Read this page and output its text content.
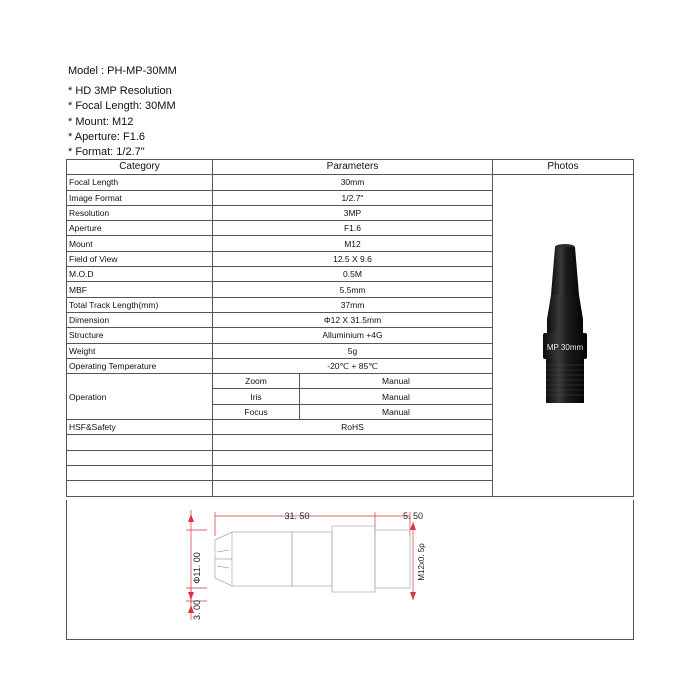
Model : PH-MP-30MM
* HD 3MP Resolution
* Focal Length: 30MM
* Mount: M12
* Aperture: F1.6
* Format: 1/2.7"
Category	Parameters		Photos
Focal Length	30mm		MP 30mm

Image Format	1/2.7"		
Resolution	3MP		
Aperture	F1.6		
Mount	M12		
Field of View	12.5 X 9.6		
M.O.D	0.5M		
MBF	5.5mm		
Total Track Length(mm)	37mm		
Dimension	Φ12 X 31.5mm		
Structure	Alluminium +4G		
Weight	5g		
Operating Temperature	-20℃ + 85℃		
Operation	Zoom	Manual	
	Iris	Manual	
	Focus	Manual	
HSF&Safety	RoHS		

31. 50	5. 50
Φ11. 00
3. 00
M12x0. 5p
